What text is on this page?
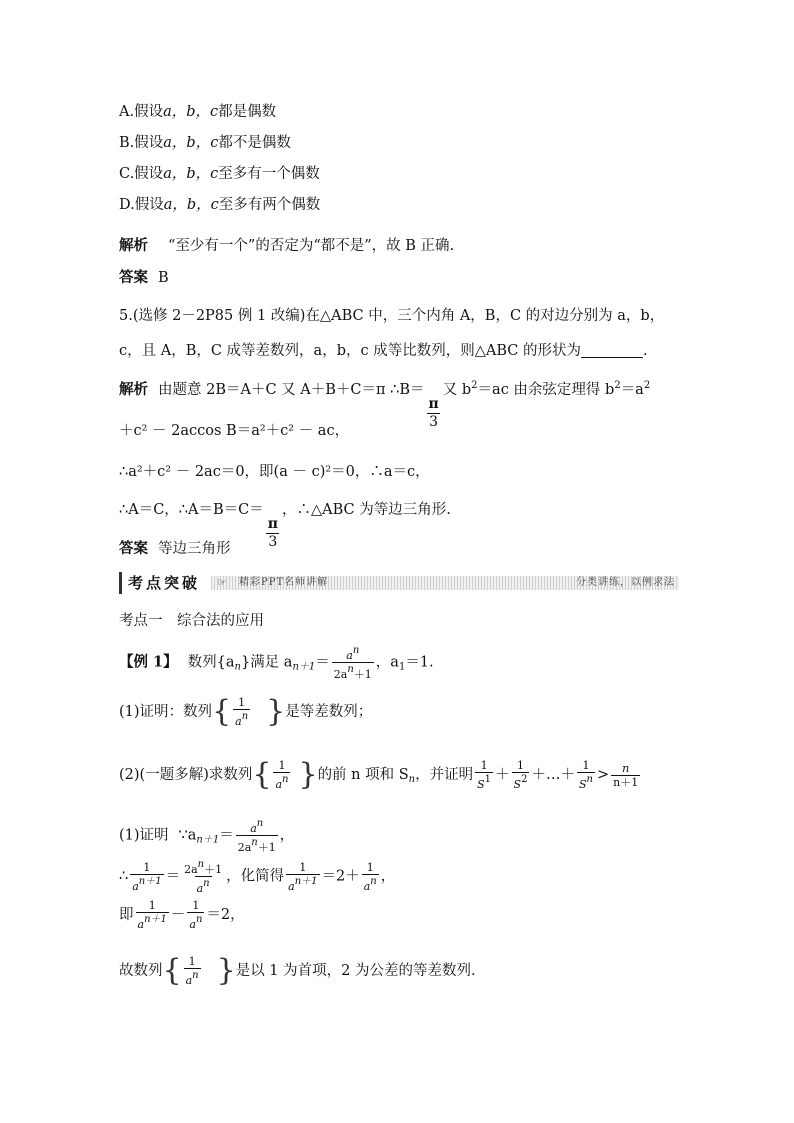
A.假设a，b，c都是偶数
B.假设a，b，c都不是偶数
C.假设a，b，c至多有一个偶数
D.假设a，b，c至多有两个偶数
解析 “至少有一个”的否定为“都不是”，故 B 正确.
答案 B
5.(选修 2－2P85 例 1 改编)在△ABC 中，三个内角 A，B，C 的对边分别为 a，b，
c，且 A，B，C 成等差数列，a，b，c 成等比数列，则△ABC 的形状为	.
解析 由题意 2B＝A＋C 又 A＋B＋C＝π ∴B＝
$\frac{\pi}{3}$
又 $b^2=ac$ 由余弦定理得 $b^2=a^2$
＋c² － 2accos B＝a²＋c² － ac，
∴a²＋c² － 2ac＝0，即(a － c)²＝0，∴a＝c，
∴A＝C，∴A＝B＝C＝
$\frac{\pi}{3}$
，∴△ABC 为等边三角形.
答案 等边三角形
考点突破	☞ 精彩PPT名师讲解	分类讲练，以例求法
考点一　综合法的应用
【例 1】 数列$\{a_n\}$满足 $a_{n+1}= \frac{an}{2an+1}$ ，$a_1=1$.
(1)证明：数列{ $\frac{1}{an}$ }是等差数列；
(2)(一题多解)求数列{ $\frac{1}{an}$ }的前 n 项和 $S_n$，并证明 $\frac{1}{S1} + \frac{1}{S2}$ ＋…＋ $\frac{1}{Sn} > \frac{n}{n+1}$
(1)证明 $\because a_{n+1}= \frac{an}{2an+1}$ ，
∴ $\frac{1}{an+1} = \frac{2an+1}{an}$ ，化简得 $\frac{1}{an+1} =2+ \frac{1}{an}$ ，
即 $\frac{1}{an+1} - \frac{1}{an} =2$，
故数列{ $\frac{1}{an}$ }是以 1 为首项，2 为公差的等差数列.
